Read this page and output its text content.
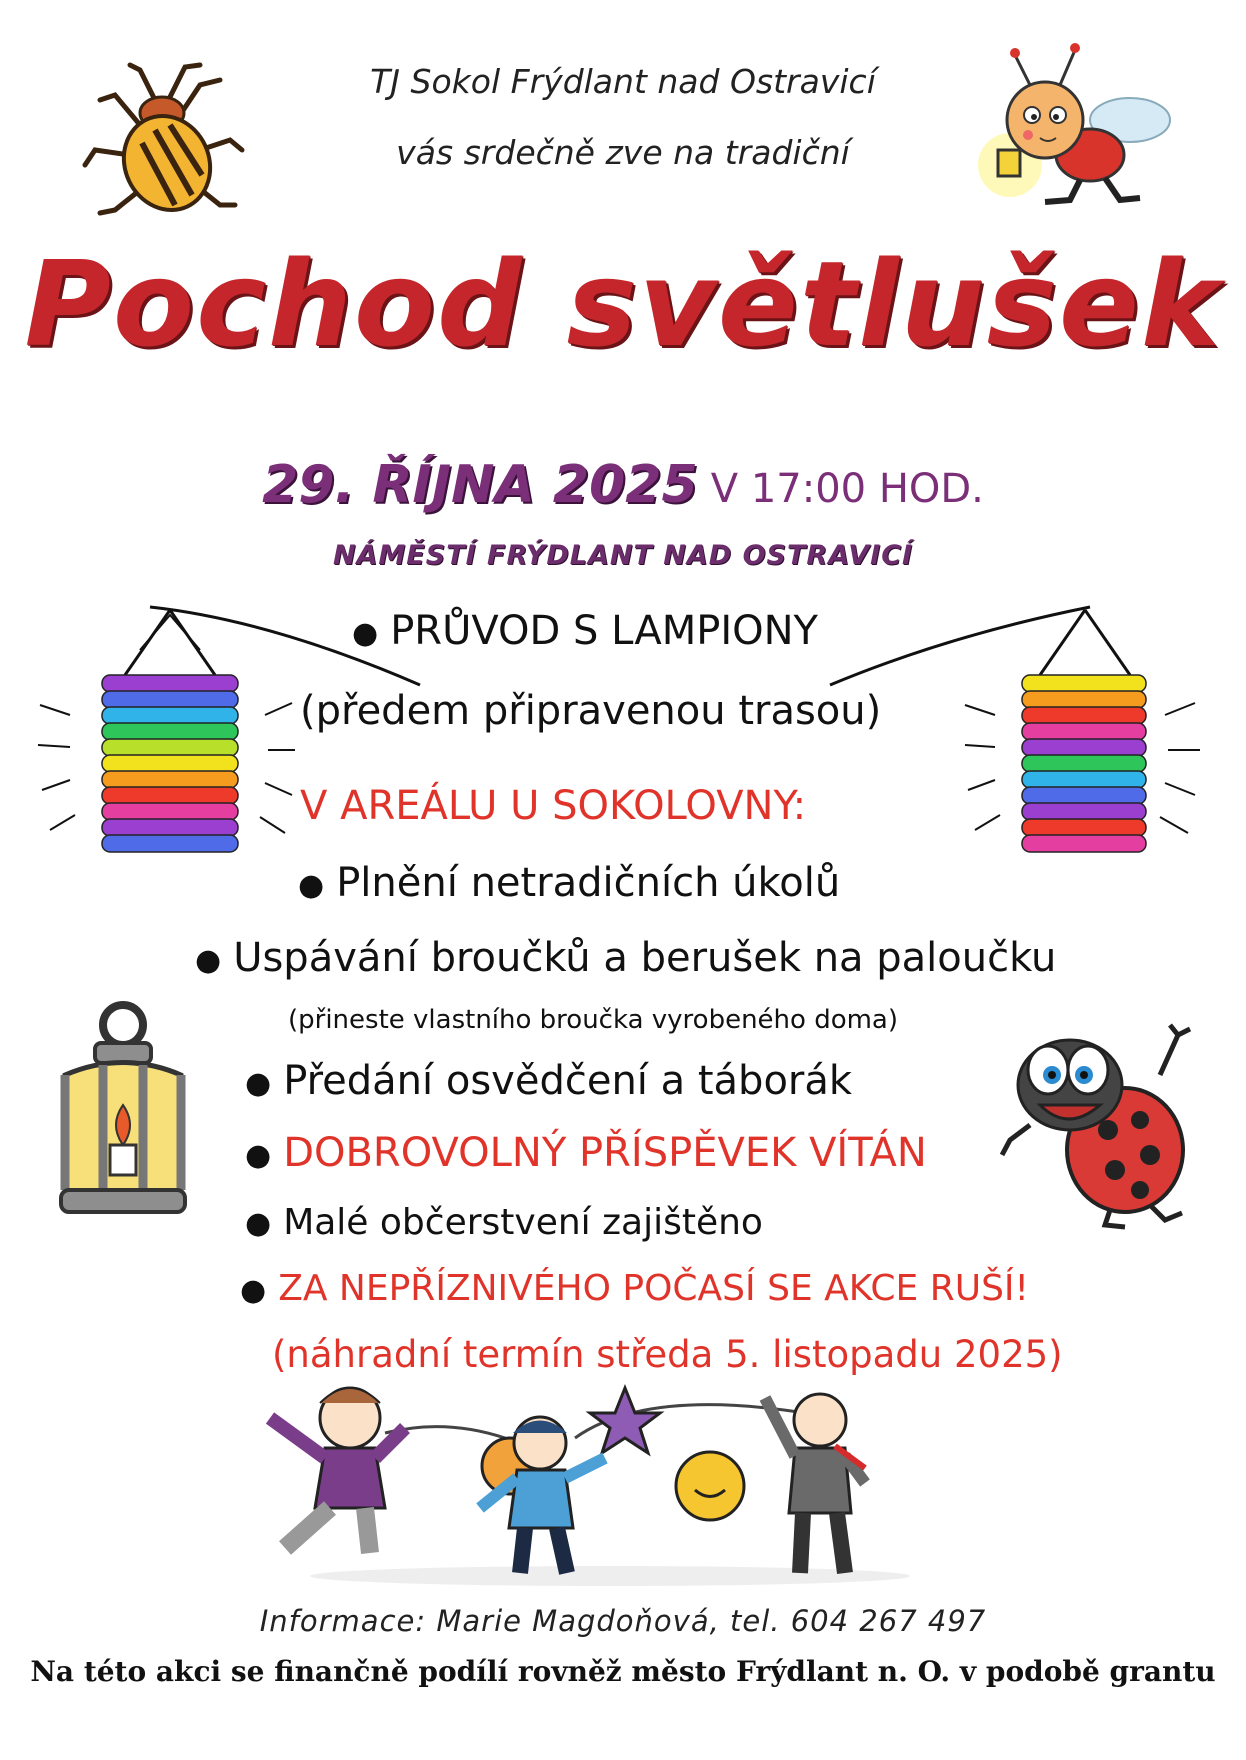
TJ Sokol Frýdlant nad Ostravicí
vás srdečně zve na tradiční
Pochod světlušek
29. ŘÍJNA 2025 V 17:00 HOD.
NÁMĚSTÍ FRÝDLANT NAD OSTRAVICÍ
● PRŮVOD S LAMPIONY
(předem připravenou trasou)
V AREÁLU U SOKOLOVNY:
● Plnění netradičních úkolů
● Uspávání broučků a berušek na paloučku
(přineste vlastního broučka vyrobeného doma)
● Předání osvědčení a táborák
● DOBROVOLNÝ PŘÍSPĚVEK VÍTÁN
● Malé občerstvení zajištěno
● ZA NEPŘÍZNIVÉHO POČASÍ SE AKCE RUŠÍ!
(náhradní termín středa 5. listopadu 2025)
Informace: Marie Magdoňová, tel. 604 267 497
Na této akci se finančně podílí rovněž město Frýdlant n. O. v podobě grantu
